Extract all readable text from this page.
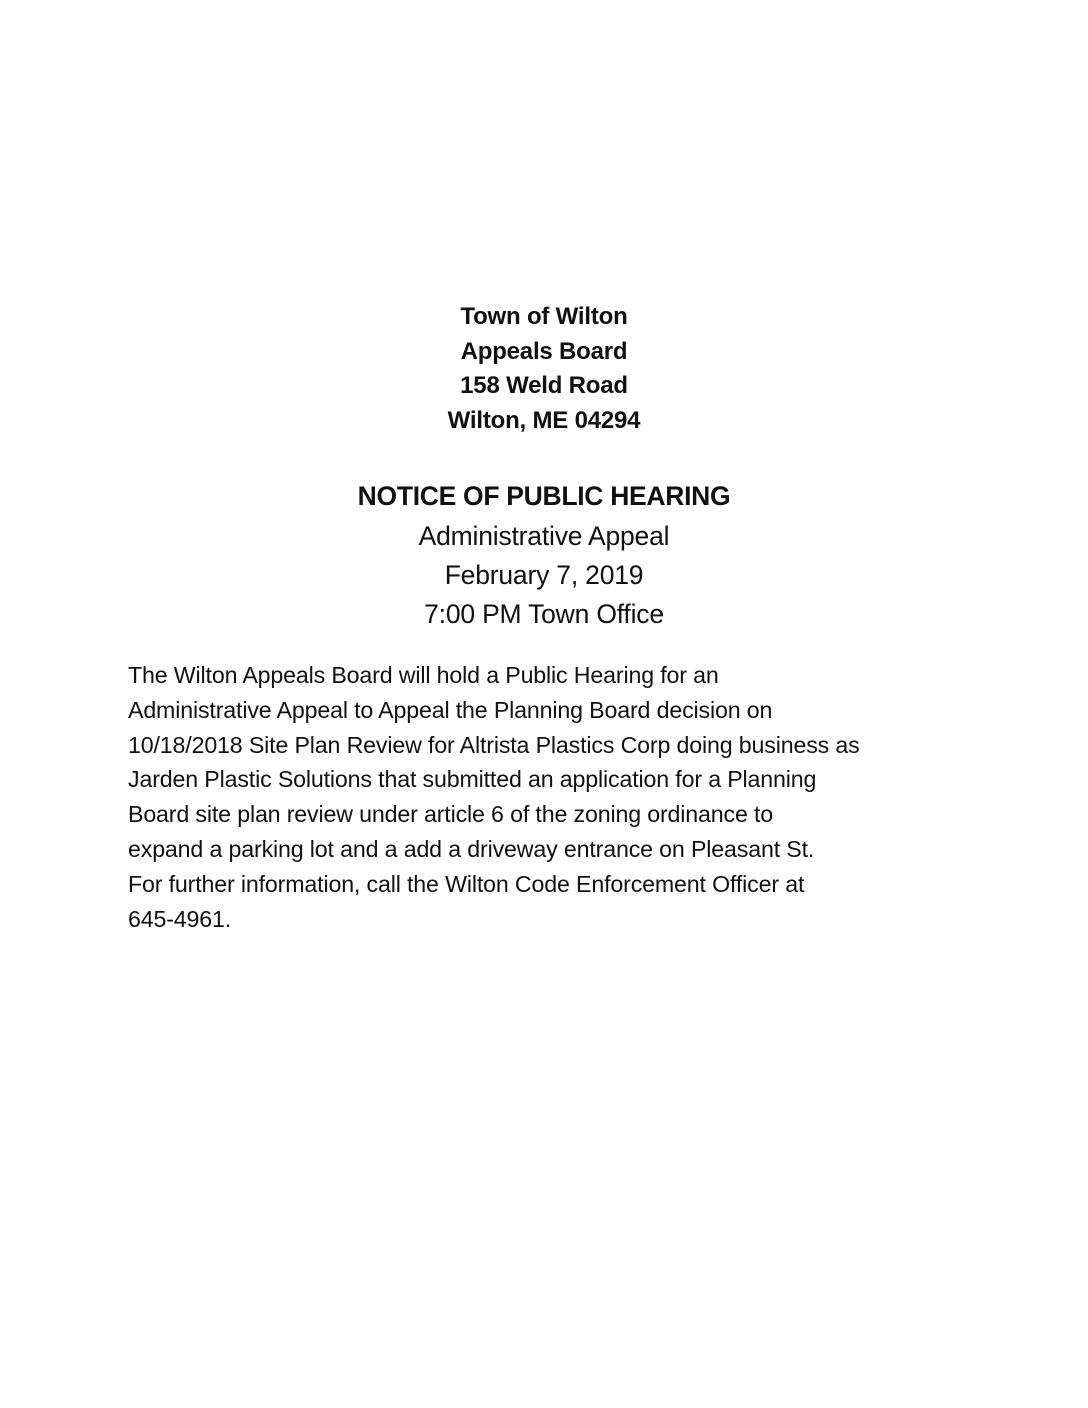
Town of Wilton
Appeals Board
158 Weld Road
Wilton, ME 04294
NOTICE OF PUBLIC HEARING
Administrative Appeal
February 7, 2019
7:00 PM Town Office
The Wilton Appeals Board will hold a Public Hearing for an
Administrative Appeal to Appeal the Planning Board decision on
10/18/2018 Site Plan Review for Altrista Plastics Corp doing business as
Jarden Plastic Solutions that submitted an application for a Planning
Board site plan review under article 6 of the zoning ordinance to
expand a parking lot and a add a driveway entrance on Pleasant St.
For further information, call the Wilton Code Enforcement Officer at
645-4961.
